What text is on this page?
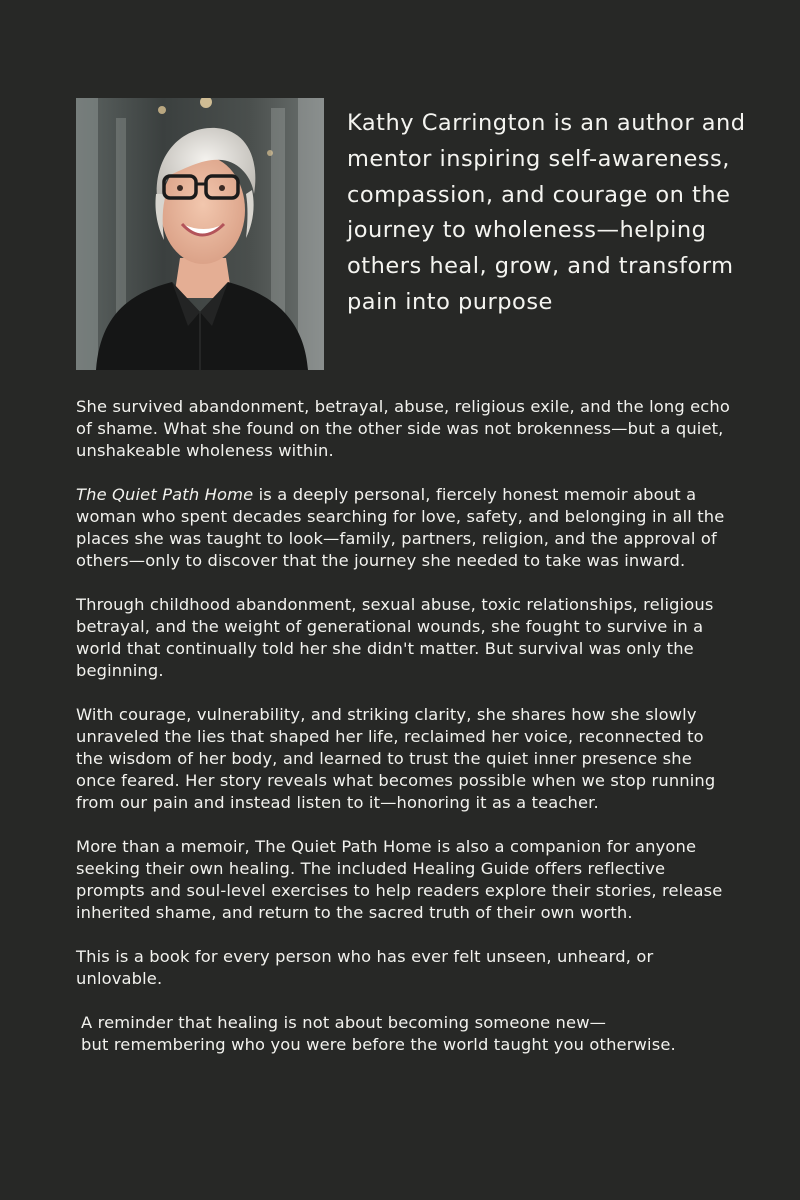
Kathy Carrington is an author and mentor inspiring self-awareness, compassion, and courage on the journey to wholeness—helping others heal, grow, and transform pain into purpose

She survived abandonment, betrayal, abuse, religious exile, and the long echo of shame. What she found on the other side was not brokenness—but a quiet, unshakeable wholeness within.

The Quiet Path Home is a deeply personal, fiercely honest memoir about a woman who spent decades searching for love, safety, and belonging in all the places she was taught to look—family, partners, religion, and the approval of others—only to discover that the journey she needed to take was inward.

Through childhood abandonment, sexual abuse, toxic relationships, religious betrayal, and the weight of generational wounds, she fought to survive in a world that continually told her she didn't matter. But survival was only the beginning.

With courage, vulnerability, and striking clarity, she shares how she slowly unraveled the lies that shaped her life, reclaimed her voice, reconnected to the wisdom of her body, and learned to trust the quiet inner presence she once feared. Her story reveals what becomes possible when we stop running from our pain and instead listen to it—honoring it as a teacher.

More than a memoir, The Quiet Path Home is also a companion for anyone seeking their own healing. The included Healing Guide offers reflective prompts and soul-level exercises to help readers explore their stories, release inherited shame, and return to the sacred truth of their own worth.

This is a book for every person who has ever felt unseen, unheard, or unlovable.

A reminder that healing is not about becoming someone new—
but remembering who you were before the world taught you otherwise.
